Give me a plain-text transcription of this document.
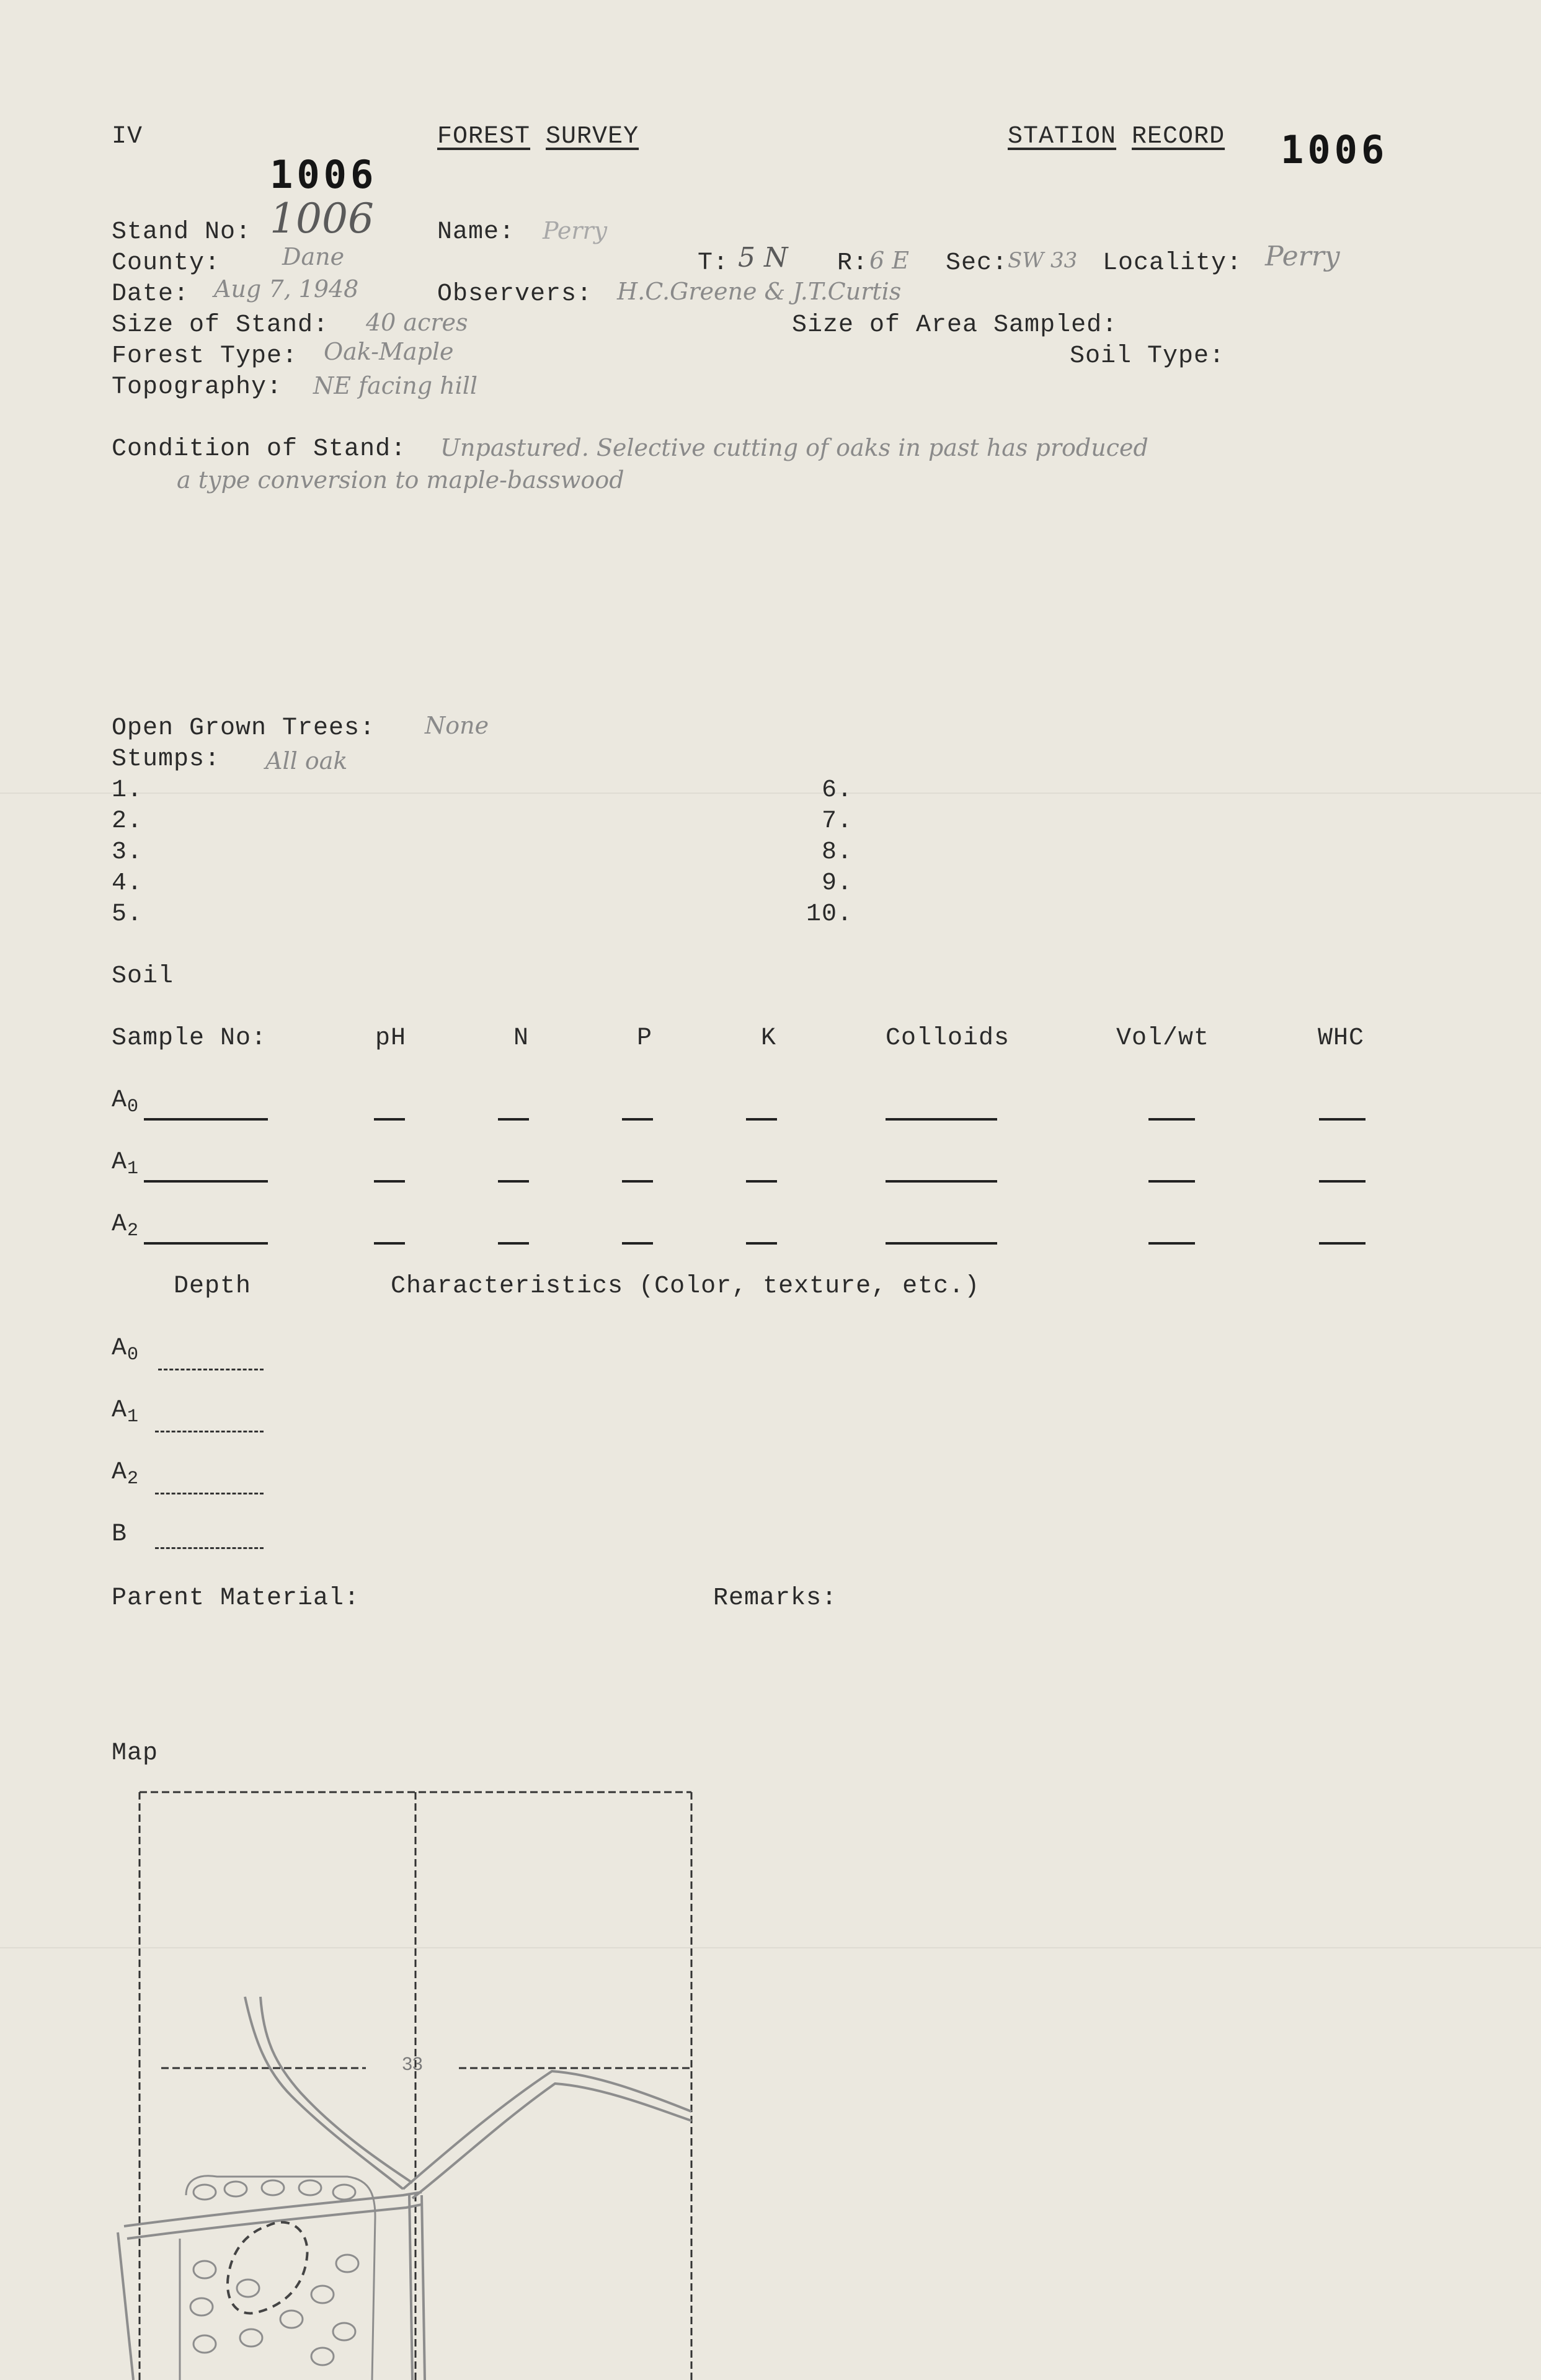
IV	FOREST SURVEY	STATION RECORD 1006
1006
Stand No: 1006	Name: Perry
County:	Dane	T: 5 N R: 6 E Sec: SW 33 Locality: Perry
Date: Aug 7, 1948	Observers: H.C.Greene & J.T.Curtis
Size of Stand: 40 acres	Size of Area Sampled:
Forest Type: Oak-Maple	Soil Type:
Topography: NE facing hill
Condition of Stand: Unpastured. Selective cutting of oaks in past has produced
a type conversion to maple-basswood
Open Grown Trees: None
Stumps: All oak
1.
2.
3.
4.
5.
6.
7.
8.
9.
10.
Soil
Sample No:	pH	N	P	K	Colloids	Vol/wt	WHC
$A_0$
$A_1$
$A_2$
Depth	Characteristics (Color, texture, etc.)
$A_0$
$A_1$
$A_2$
B
Parent Material:	Remarks:
Map
33
